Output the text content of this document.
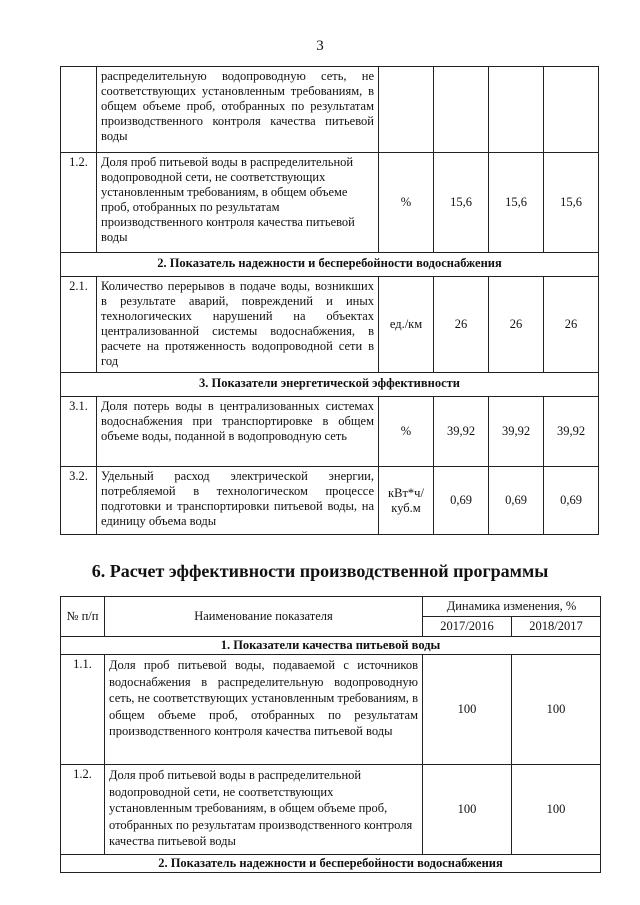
3
	распределительную водопроводную сеть, не соответствующих установленным требованиям, в общем объеме проб, отобранных по результатам производственного контроля качества питьевой воды				
1.2.	Доля проб питьевой воды в распределительной водопроводной сети, не соответствующих установленным требованиям, в общем объеме проб, отобранных по результатам производственного контроля качества питьевой воды	%	15,6	15,6	15,6
2. Показатель надежности и бесперебойности водоснабжения					
2.1.	Количество перерывов в подаче воды, возникших в результате аварий, повреждений и иных технологических нарушений на объектах централизованной системы водоснабжения, в расчете на протяженность водопроводной сети в год	ед./км	26	26	26
3. Показатели энергетической эффективности					
3.1.	Доля потерь воды в централизованных системах водоснабжения при транспортировке в общем объеме воды, поданной в водопроводную сеть	%	39,92	39,92	39,92
3.2.	Удельный расход электрической энергии, потребляемой в технологическом процессе подготовки и транспортировки питьевой воды, на единицу объема воды	кВт*ч/ куб.м	0,69	0,69	0,69
6. Расчет эффективности производственной программы
№ п/п	Наименование показателя	Динамика изменения, %	
		2017/2016	2018/2017
1. Показатели качества питьевой воды			
1.1.	Доля проб питьевой воды, подаваемой с источников водоснабжения в распределительную водопроводную сеть, не соответствующих установленным требованиям, в общем объеме проб, отобранных по результатам производственного контроля качества питьевой воды	100	100
1.2.	Доля проб питьевой воды в распределительной водопроводной сети, не соответствующих установленным требованиям, в общем объеме проб, отобранных по результатам производственного контроля качества питьевой воды	100	100
2. Показатель надежности и бесперебойности водоснабжения			
